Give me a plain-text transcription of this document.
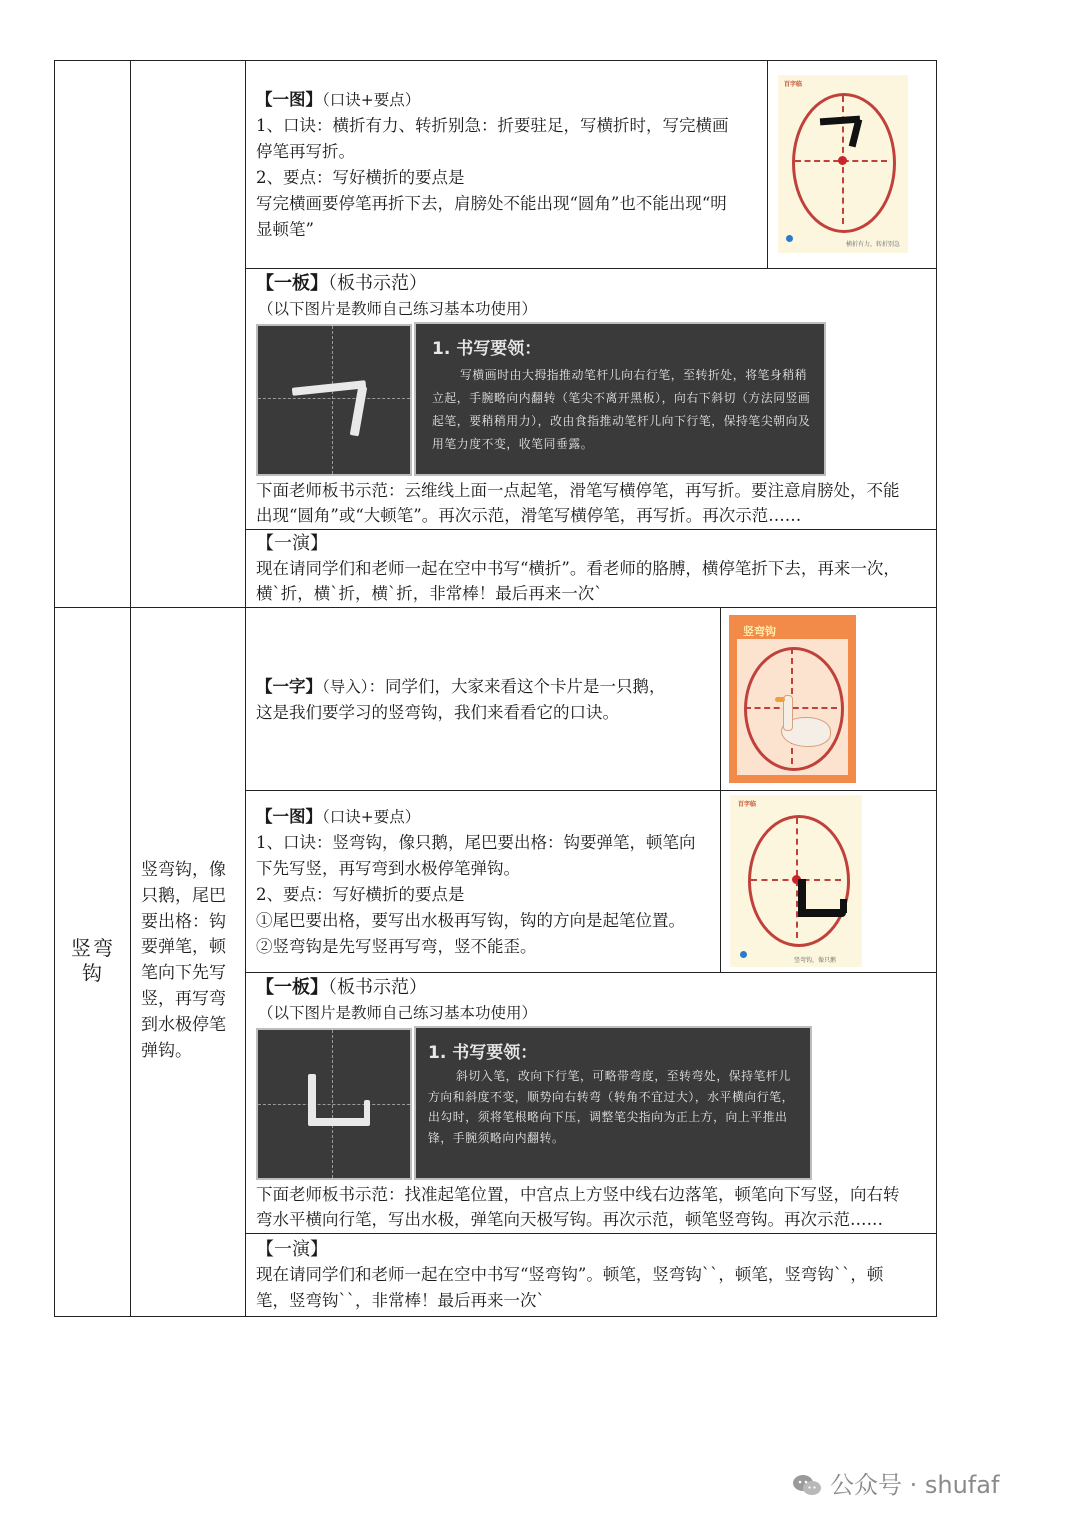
【一图】（口诀+要点）
1、口诀：横折有力、转折别急：折要驻足，写横折时，写完横画
停笔再写折。
2、要点：写好横折的要点是
写完横画要停笔再折下去，肩膀处不能出现“圆角”也不能出现“明
显顿笔”
百字临
横折有力，转折别急
【一板】（板书示范）
（以下图片是教师自己练习基本功使用）
1. 书写要领：
写横画时由大拇指推动笔杆儿向右行笔，至转折处，将笔身稍稍立起，手腕略向内翻转（笔尖不离开黑板），向右下斜切（方法同竖画起笔，要稍稍用力），改由食指推动笔杆儿向下行笔，保持笔尖朝向及用笔力度不变，收笔同垂露。
下面老师板书示范：云维线上面一点起笔，滑笔写横停笔，再写折。要注意肩膀处，不能
出现“圆角”或“大顿笔”。再次示范，滑笔写横停笔，再写折。再次示范……
【一演】
现在请同学们和老师一起在空中书写“横折”。看老师的胳膊，横停笔折下去，再来一次，
横`折，横`折，横`折，非常棒！最后再来一次`
竖弯钩
竖弯钩，像只鹅，尾巴要出格：钩要弹笔，顿笔向下先写竖，再写弯到水极停笔弹钩。
【一字】（导入）：同学们，大家来看这个卡片是一只鹅，
这是我们要学习的竖弯钩，我们来看看它的口诀。
竖弯钩
【一图】（口诀+要点）
1、口诀：竖弯钩，像只鹅，尾巴要出格：钩要弹笔，顿笔向
下先写竖，再写弯到水极停笔弹钩。
2、要点：写好横折的要点是
①尾巴要出格，要写出水极再写钩，钩的方向是起笔位置。
②竖弯钩是先写竖再写弯，竖不能歪。
百字临
竖弯钩，像只鹅
【一板】（板书示范）
（以下图片是教师自己练习基本功使用）
1. 书写要领：
斜切入笔，改向下行笔，可略带弯度，至转弯处，保持笔杆儿方向和斜度不变，顺势向右转弯（转角不宜过大），水平横向行笔，出勾时，须将笔根略向下压，调整笔尖指向为正上方，向上平推出锋，手腕须略向内翻转。
下面老师板书示范：找准起笔位置，中宫点上方竖中线右边落笔，顿笔向下写竖，向右转
弯水平横向行笔，写出水极，弹笔向天极写钩。再次示范，顿笔竖弯钩。再次示范……
【一演】
现在请同学们和老师一起在空中书写“竖弯钩”。顿笔，竖弯钩``，顿笔，竖弯钩``，顿
笔，竖弯钩``，非常棒！最后再来一次`
公众号 · shufaf
